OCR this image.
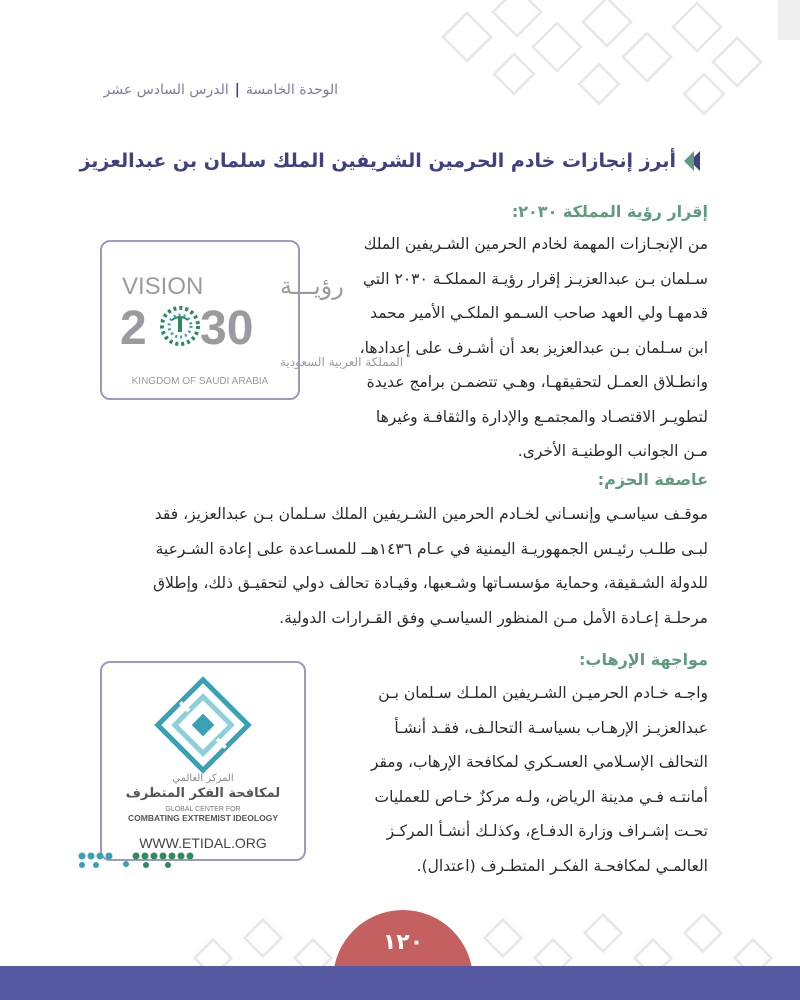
الوحدة الخامسة|الدرس السادس عشر
أبرز إنجازات خادم الحرمين الشريفين الملك سلمان بن عبدالعزيز
إقرار رؤية المملكة ٢٠٣٠:
من الإنجـازات المهمة لخادم الحرمين الشـريفين الملك
سـلمان بـن عبدالعزيـز إقرار رؤيـة المملكـة ٢٠٣٠ التي
قدمهـا ولي العهد صاحب السـمو الملكـي الأمير محمد
ابن سـلمان بـن عبدالعزيز بعد أن أشـرف على إعدادها،
وانطـلاق العمـل لتحقيقهـا، وهـي تتضمـن برامج عديدة
لتطويـر الاقتصـاد والمجتمـع والإدارة والثقافـة وغيرها
مـن الجوانب الوطنيـة الأخرى.
VISION	رؤيـــة
2 30
المملكة العربية السعودية
KINGDOM OF SAUDI ARABIA
عاصفة الحزم:
موقـف سياسـي وإنسـاني لخـادم الحرمين الشـريفين الملك سـلمان بـن عبدالعزيز، فقد
لبـى طلـب رئيـس الجمهوريـة اليمنية في عـام ١٤٣٦هــ للمسـاعدة على إعادة الشـرعية
للدولة الشـقيقة، وحماية مؤسسـاتها وشـعبها، وقيـادة تحالف دولي لتحقيـق ذلك، وإطلاق
مرحلـة إعـادة الأمل مـن المنظور السياسـي وفق القـرارات الدولية.
مواجهة الإرهاب:
واجـه خـادم الحرميـن الشـريفين الملـك سـلمان بـن
عبدالعزيـز الإرهـاب بسياسـة التحالـف، فقـد أنشـأ
التحالف الإسـلامي العسـكري لمكافحة الإرهاب، ومقر
أمانتـه فـي مدينة الرياض، ولـه مركزٌ خـاص للعمليات
تحـت إشـراف وزارة الدفـاع، وكذلـك أنشـأ المركـز
العالمـي لمكافحـة الفكـر المتطـرف (اعتدال).
المركز العالمي
لمكافحة الفكر المتطرف
GLOBAL CENTER FOR
COMBATING EXTREMIST IDEOLOGY
WWW.ETIDAL.ORG
١٢٠
